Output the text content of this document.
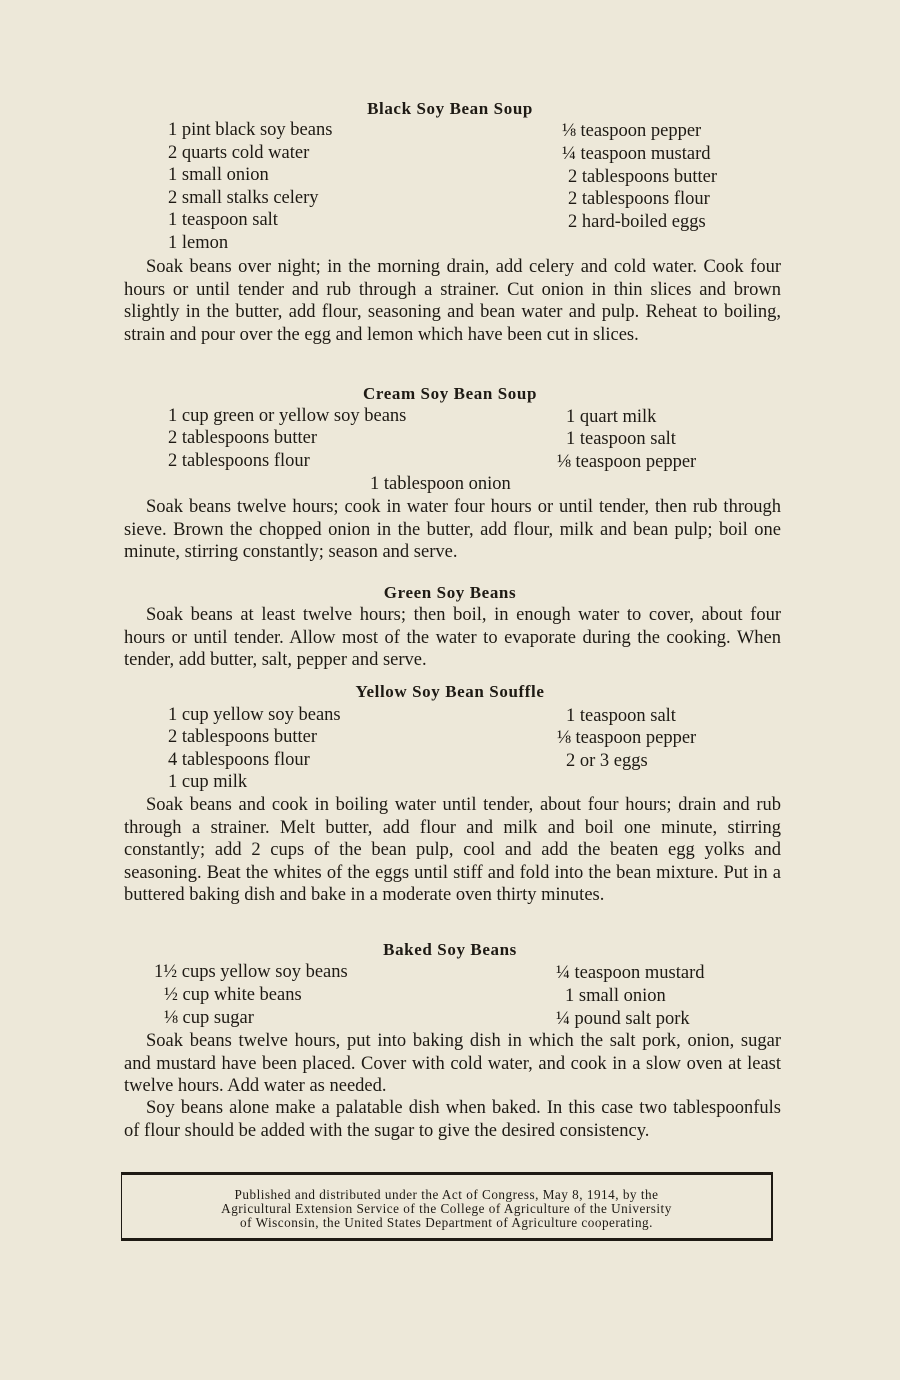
Black Soy Bean Soup
1 pint black soy beans
2 quarts cold water
1 small onion
2 small stalks celery
1 teaspoon salt
1 lemon
⅛ teaspoon pepper
¼ teaspoon mustard
2 tablespoons butter
2 tablespoons flour
2 hard-boiled eggs

Soak beans over night; in the morning drain, add celery and cold water. Cook four hours or until tender and rub through a strainer. Cut onion in thin slices and brown slightly in the butter, add flour, seasoning and bean water and pulp. Reheat to boiling, strain and pour over the egg and lemon which have been cut in slices.

Cream Soy Bean Soup
1 cup green or yellow soy beans
2 tablespoons butter
2 tablespoons flour
1 quart milk
1 teaspoon salt
⅛ teaspoon pepper
1 tablespoon onion

Soak beans twelve hours; cook in water four hours or until tender, then rub through sieve. Brown the chopped onion in the butter, add flour, milk and bean pulp; boil one minute, stirring constantly; season and serve.

Green Soy Beans

Soak beans at least twelve hours; then boil, in enough water to cover, about four hours or until tender. Allow most of the water to evaporate during the cooking. When tender, add butter, salt, pepper and serve.

Yellow Soy Bean Souffle
1 cup yellow soy beans
2 tablespoons butter
4 tablespoons flour
1 cup milk
1 teaspoon salt
⅛ teaspoon pepper
2 or 3 eggs

Soak beans and cook in boiling water until tender, about four hours; drain and rub through a strainer. Melt butter, add flour and milk and boil one minute, stirring constantly; add 2 cups of the bean pulp, cool and add the beaten egg yolks and seasoning. Beat the whites of the eggs until stiff and fold into the bean mixture. Put in a buttered baking dish and bake in a moderate oven thirty minutes.

Baked Soy Beans
1½ cups yellow soy beans
½ cup white beans
⅛ cup sugar
¼ teaspoon mustard
1 small onion
¼ pound salt pork

Soak beans twelve hours, put into baking dish in which the salt pork, onion, sugar and mustard have been placed. Cover with cold water, and cook in a slow oven at least twelve hours. Add water as needed.

Soy beans alone make a palatable dish when baked. In this case two tablespoonfuls of flour should be added with the sugar to give the desired consistency.

Published and distributed under the Act of Congress, May 8, 1914, by the
Agricultural Extension Service of the College of Agriculture of the University
of Wisconsin, the United States Department of Agriculture cooperating.
